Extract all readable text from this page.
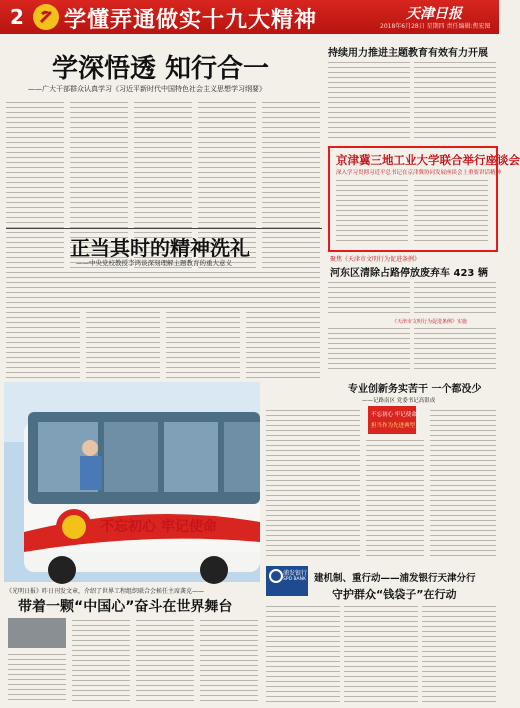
2 学懂弄通做实十九大精神	天津日报
2018年6月28日 星期四 责任编辑:焦宏图
学深悟透 知行合一
——广大干部群众认真学习《习近平新时代中国特色社会主义思想学习纲要》
持续用力推进主题教育有效有力开展
京津冀三地工业大学联合举行座谈会
深入学习贯彻习近平总书记在京津冀协同发展座谈会上重要讲话精神
正当其时的精神洗礼
——中央党校教授李鸿谈深刻理解主题教育的重大意义	聚焦《天津市文明行为促进条例》
河东区清除占路停放废弃车 423 辆
《天津市文明行为促进条例》实施
专业创新务实苦干 一个都没少
——记路南区 党委书记高银成
不忘初心 牢记使命
担当作为先进典型
不忘初心 牢记使命
《光明日报》昨日刊发文章，介绍了世界工程组织联合会候任主席龚克——
带着一颗“中国心”奋斗在世界舞台
浦发银行
SPD BANK 建机制、重行动——浦发银行天津分行
守护群众“钱袋子”在行动
